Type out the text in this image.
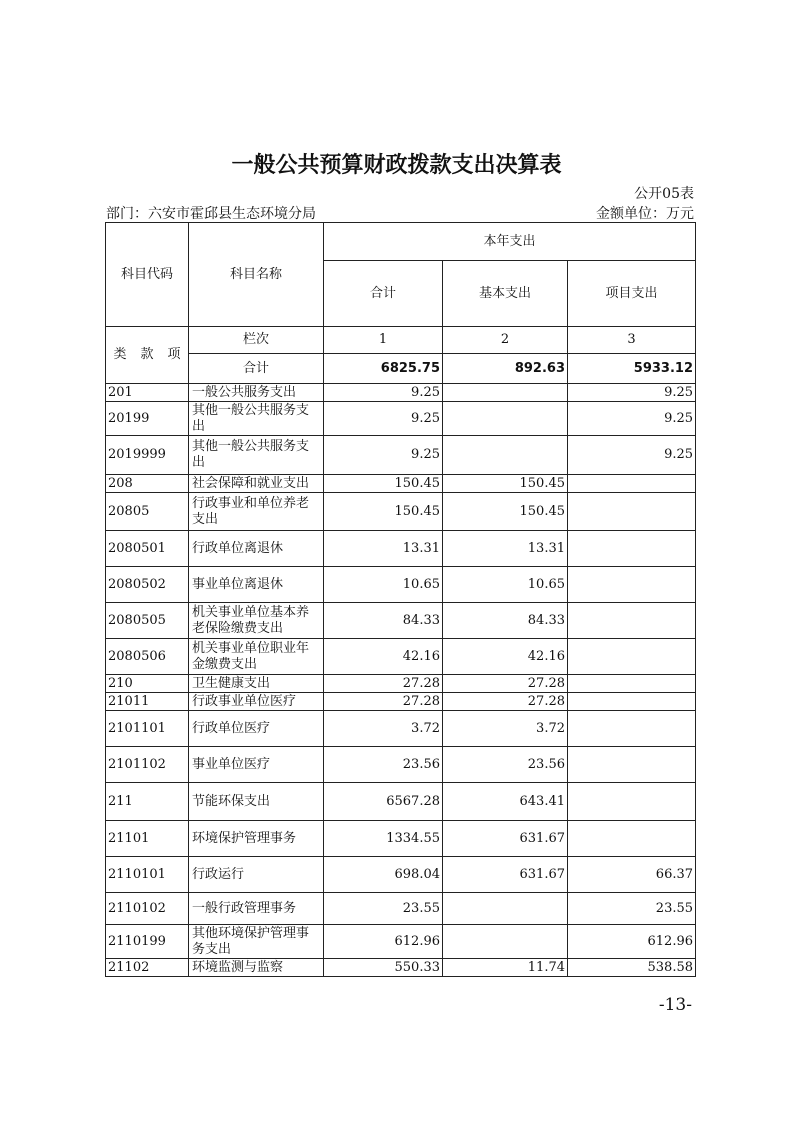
一般公共预算财政拨款支出决算表
公开05表
部门：六安市霍邱县生态环境分局	金额单位：万元
科目代码	科目名称	本年支出		
		合计	基本支出	项目支出
类 款 项	栏次	1	2	3
	合计	6825.75	892.63	5933.12
201	一般公共服务支出	9.25		9.25
20199	其他一般公共服务支出	9.25		9.25
2019999	其他一般公共服务支出	9.25		9.25
208	社会保障和就业支出	150.45	150.45	
20805	行政事业和单位养老支出	150.45	150.45	
2080501	行政单位离退休	13.31	13.31	
2080502	事业单位离退休	10.65	10.65	
2080505	机关事业单位基本养老保险缴费支出	84.33	84.33	
2080506	机关事业单位职业年金缴费支出	42.16	42.16	
210	卫生健康支出	27.28	27.28	
21011	行政事业单位医疗	27.28	27.28	
2101101	行政单位医疗	3.72	3.72	
2101102	事业单位医疗	23.56	23.56	
211	节能环保支出	6567.28	643.41	
21101	环境保护管理事务	1334.55	631.67	
2110101	行政运行	698.04	631.67	66.37
2110102	一般行政管理事务	23.55		23.55
2110199	其他环境保护管理事务支出	612.96		612.96
21102	环境监测与监察	550.33	11.74	538.58
-13-
